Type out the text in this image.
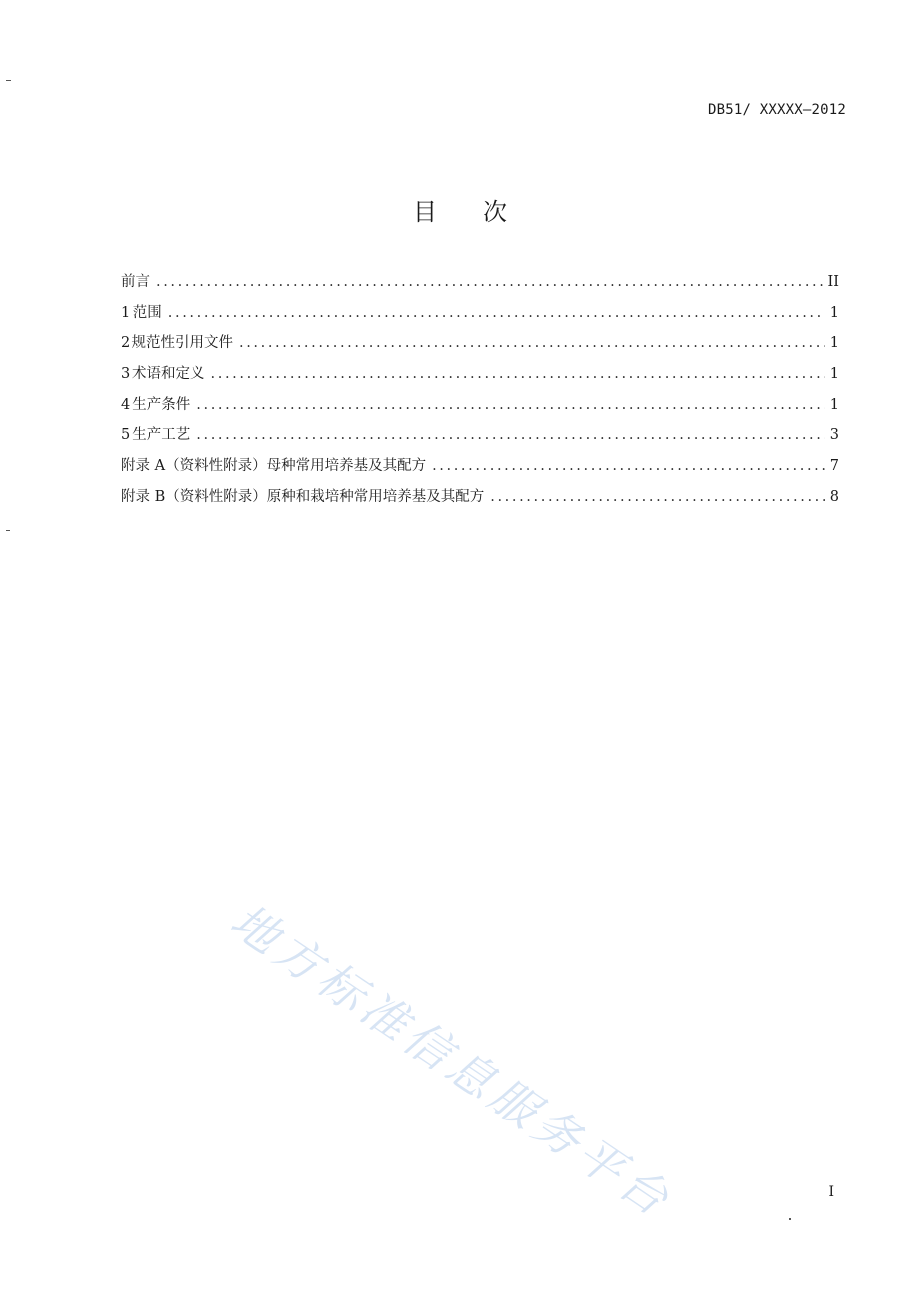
DB51/ XXXXX—2012
目 次
前言 .....	II
1 范围 .....	1
2 规范性引用文件 .....	1
3 术语和定义 .....	1
4 生产条件 .....	1
5 生产工艺 .....	3
附录 A（资料性附录） 母种常用培养基及其配方 .....	7
附录 B（资料性附录） 原种和栽培种常用培养基及其配方 .....	8
地方标准信息服务平台	I
